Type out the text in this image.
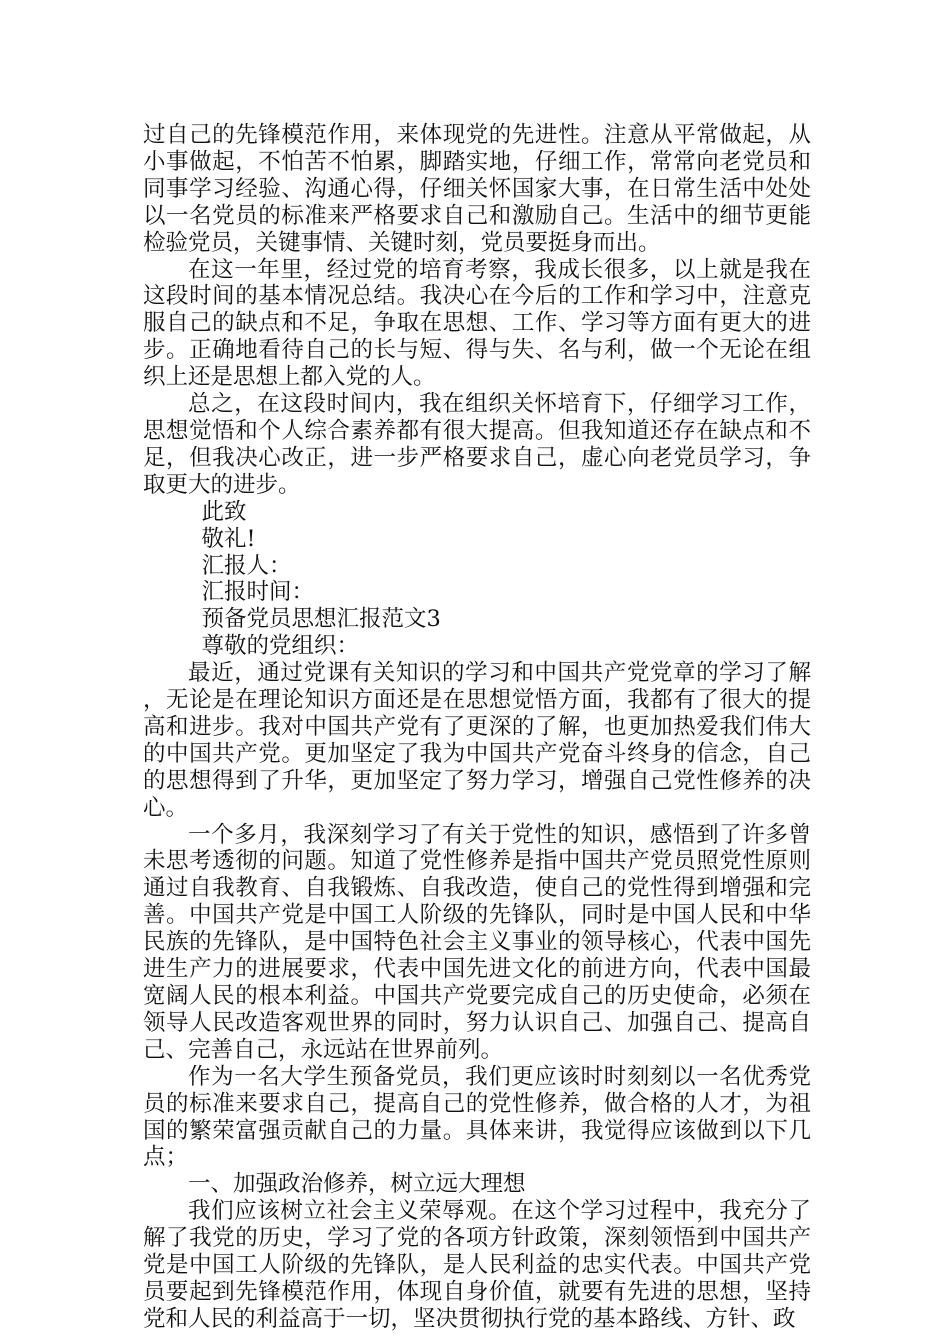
过自己的先锋模范作用，来体现党的先进性。注意从平常做起，从小事做起，不怕苦不怕累，脚踏实地，仔细工作，常常向老党员和同事学习经验、沟通心得，仔细关怀国家大事，在日常生活中处处以一名党员的标准来严格要求自己和激励自己。生活中的细节更能检验党员，关键事情、关键时刻，党员要挺身而出。

在这一年里，经过党的培育考察，我成长很多，以上就是我在这段时间的基本情况总结。我决心在今后的工作和学习中，注意克服自己的缺点和不足，争取在思想、工作、学习等方面有更大的进步。正确地看待自己的长与短、得与失、名与利，做一个无论在组织上还是思想上都入党的人。

总之，在这段时间内，我在组织关怀培育下，仔细学习工作，思想觉悟和个人综合素养都有很大提高。但我知道还存在缺点和不足，但我决心改正，进一步严格要求自己，虚心向老党员学习，争取更大的进步。

此致

敬礼!

汇报人：

汇报时间：

预备党员思想汇报范文3

尊敬的党组织：

最近，通过党课有关知识的学习和中国共产党党章的学习了解，无论是在理论知识方面还是在思想觉悟方面，我都有了很大的提高和进步。我对中国共产党有了更深的了解，也更加热爱我们伟大的中国共产党。更加坚定了我为中国共产党奋斗终身的信念，自己的思想得到了升华，更加坚定了努力学习，增强自己党性修养的决心。

一个多月，我深刻学习了有关于党性的知识，感悟到了许多曾未思考透彻的问题。知道了党性修养是指中国共产党员照党性原则通过自我教育、自我锻炼、自我改造，使自己的党性得到增强和完善。中国共产党是中国工人阶级的先锋队，同时是中国人民和中华民族的先锋队，是中国特色社会主义事业的领导核心，代表中国先进生产力的进展要求，代表中国先进文化的前进方向，代表中国最宽阔人民的根本利益。中国共产党要完成自己的历史使命，必须在领导人民改造客观世界的同时，努力认识自己、加强自己、提高自己、完善自己，永远站在世界前列。

作为一名大学生预备党员，我们更应该时时刻刻以一名优秀党员的标准来要求自己，提高自己的党性修养，做合格的人才，为祖国的繁荣富强贡献自己的力量。具体来讲，我觉得应该做到以下几点；

一、加强政治修养，树立远大理想

我们应该树立社会主义荣辱观。在这个学习过程中，我充分了解了我党的历史，学习了党的各项方针政策，深刻领悟到中国共产党是中国工人阶级的先锋队，是人民利益的忠实代表。中国共产党员要起到先锋模范作用，体现自身价值，就要有先进的思想，坚持党和人民的利益高于一切，坚决贯彻执行党的基本路线、方针、政
